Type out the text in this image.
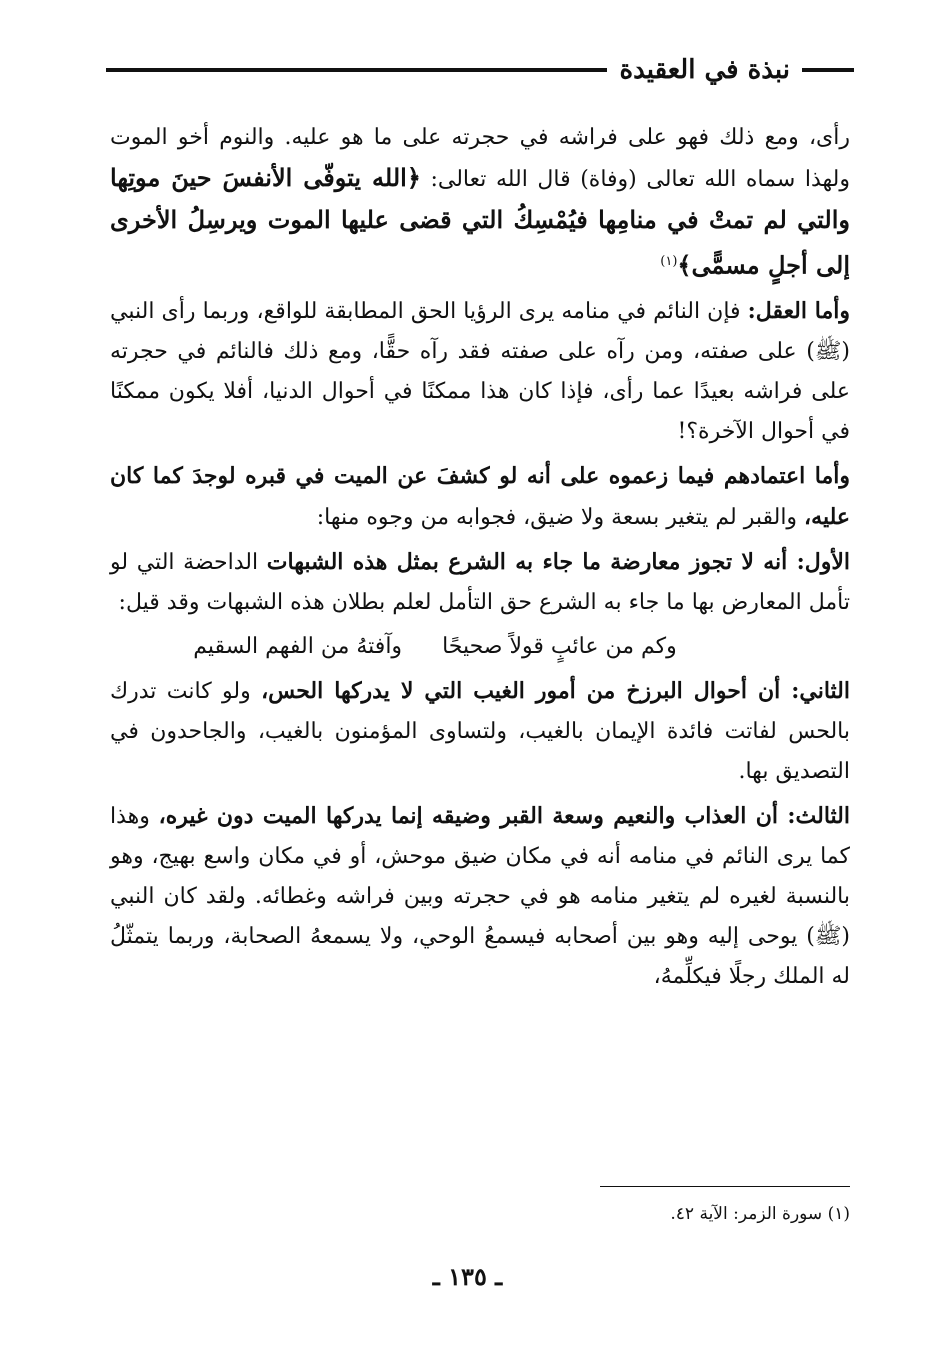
نبذة في العقيدة

رأى، ومع ذلك فهو على فراشه في حجرته على ما هو عليه. والنوم أخو الموت ولهذا سماه الله تعالى (وفاة) قال الله تعالى: ﴿الله يتوفّى الأنفسَ حينَ موتِها والتي لم تمتْ في منامِها فيُمْسِكُ التي قضى عليها الموت ويرسِلُ الأخرى إلى أجلٍ مسمًّى﴾$^{(١)}$

وأما العقل: فإن النائم في منامه يرى الرؤيا الحق المطابقة للواقع، وربما رأى النبي (ﷺ) على صفته، ومن رآه على صفته فقد رآه حقًّا، ومع ذلك فالنائم في حجرته على فراشه بعيدًا عما رأى، فإذا كان هذا ممكنًا في أحوال الدنيا، أفلا يكون ممكنًا في أحوال الآخرة؟!

وأما اعتمادهم فيما زعموه على أنه لو كشفَ عن الميت في قبره لوجدَ كما كان عليه، والقبر لم يتغير بسعة ولا ضيق، فجوابه من وجوه منها:

الأول: أنه لا تجوز معارضة ما جاء به الشرع بمثل هذه الشبهات الداحضة التي لو تأمل المعارض بها ما جاء به الشرع حق التأمل لعلم بطلان هذه الشبهات وقد قيل:

وكم من عائبٍ قولاً صحيحًاوآفتهُ من الفهم السقيم

الثاني: أن أحوال البرزخ من أمور الغيب التي لا يدركها الحس، ولو كانت تدرك بالحس لفاتت فائدة الإيمان بالغيب، ولتساوى المؤمنون بالغيب، والجاحدون في التصديق بها.

الثالث: أن العذاب والنعيم وسعة القبر وضيقه إنما يدركها الميت دون غيره، وهذا كما يرى النائم في منامه أنه في مكان ضيق موحش، أو في مكان واسع بهيج، وهو بالنسبة لغيره لم يتغير منامه هو في حجرته وبين فراشه وغطائه. ولقد كان النبي (ﷺ) يوحى إليه وهو بين أصحابه فيسمعُ الوحي، ولا يسمعهُ الصحابة، وربما يتمثّلُ له الملك رجلًا فيكلِّمهُ،

(١) سورة الزمر: الآية ٤٢.
ـ ١٣٥ ـ
